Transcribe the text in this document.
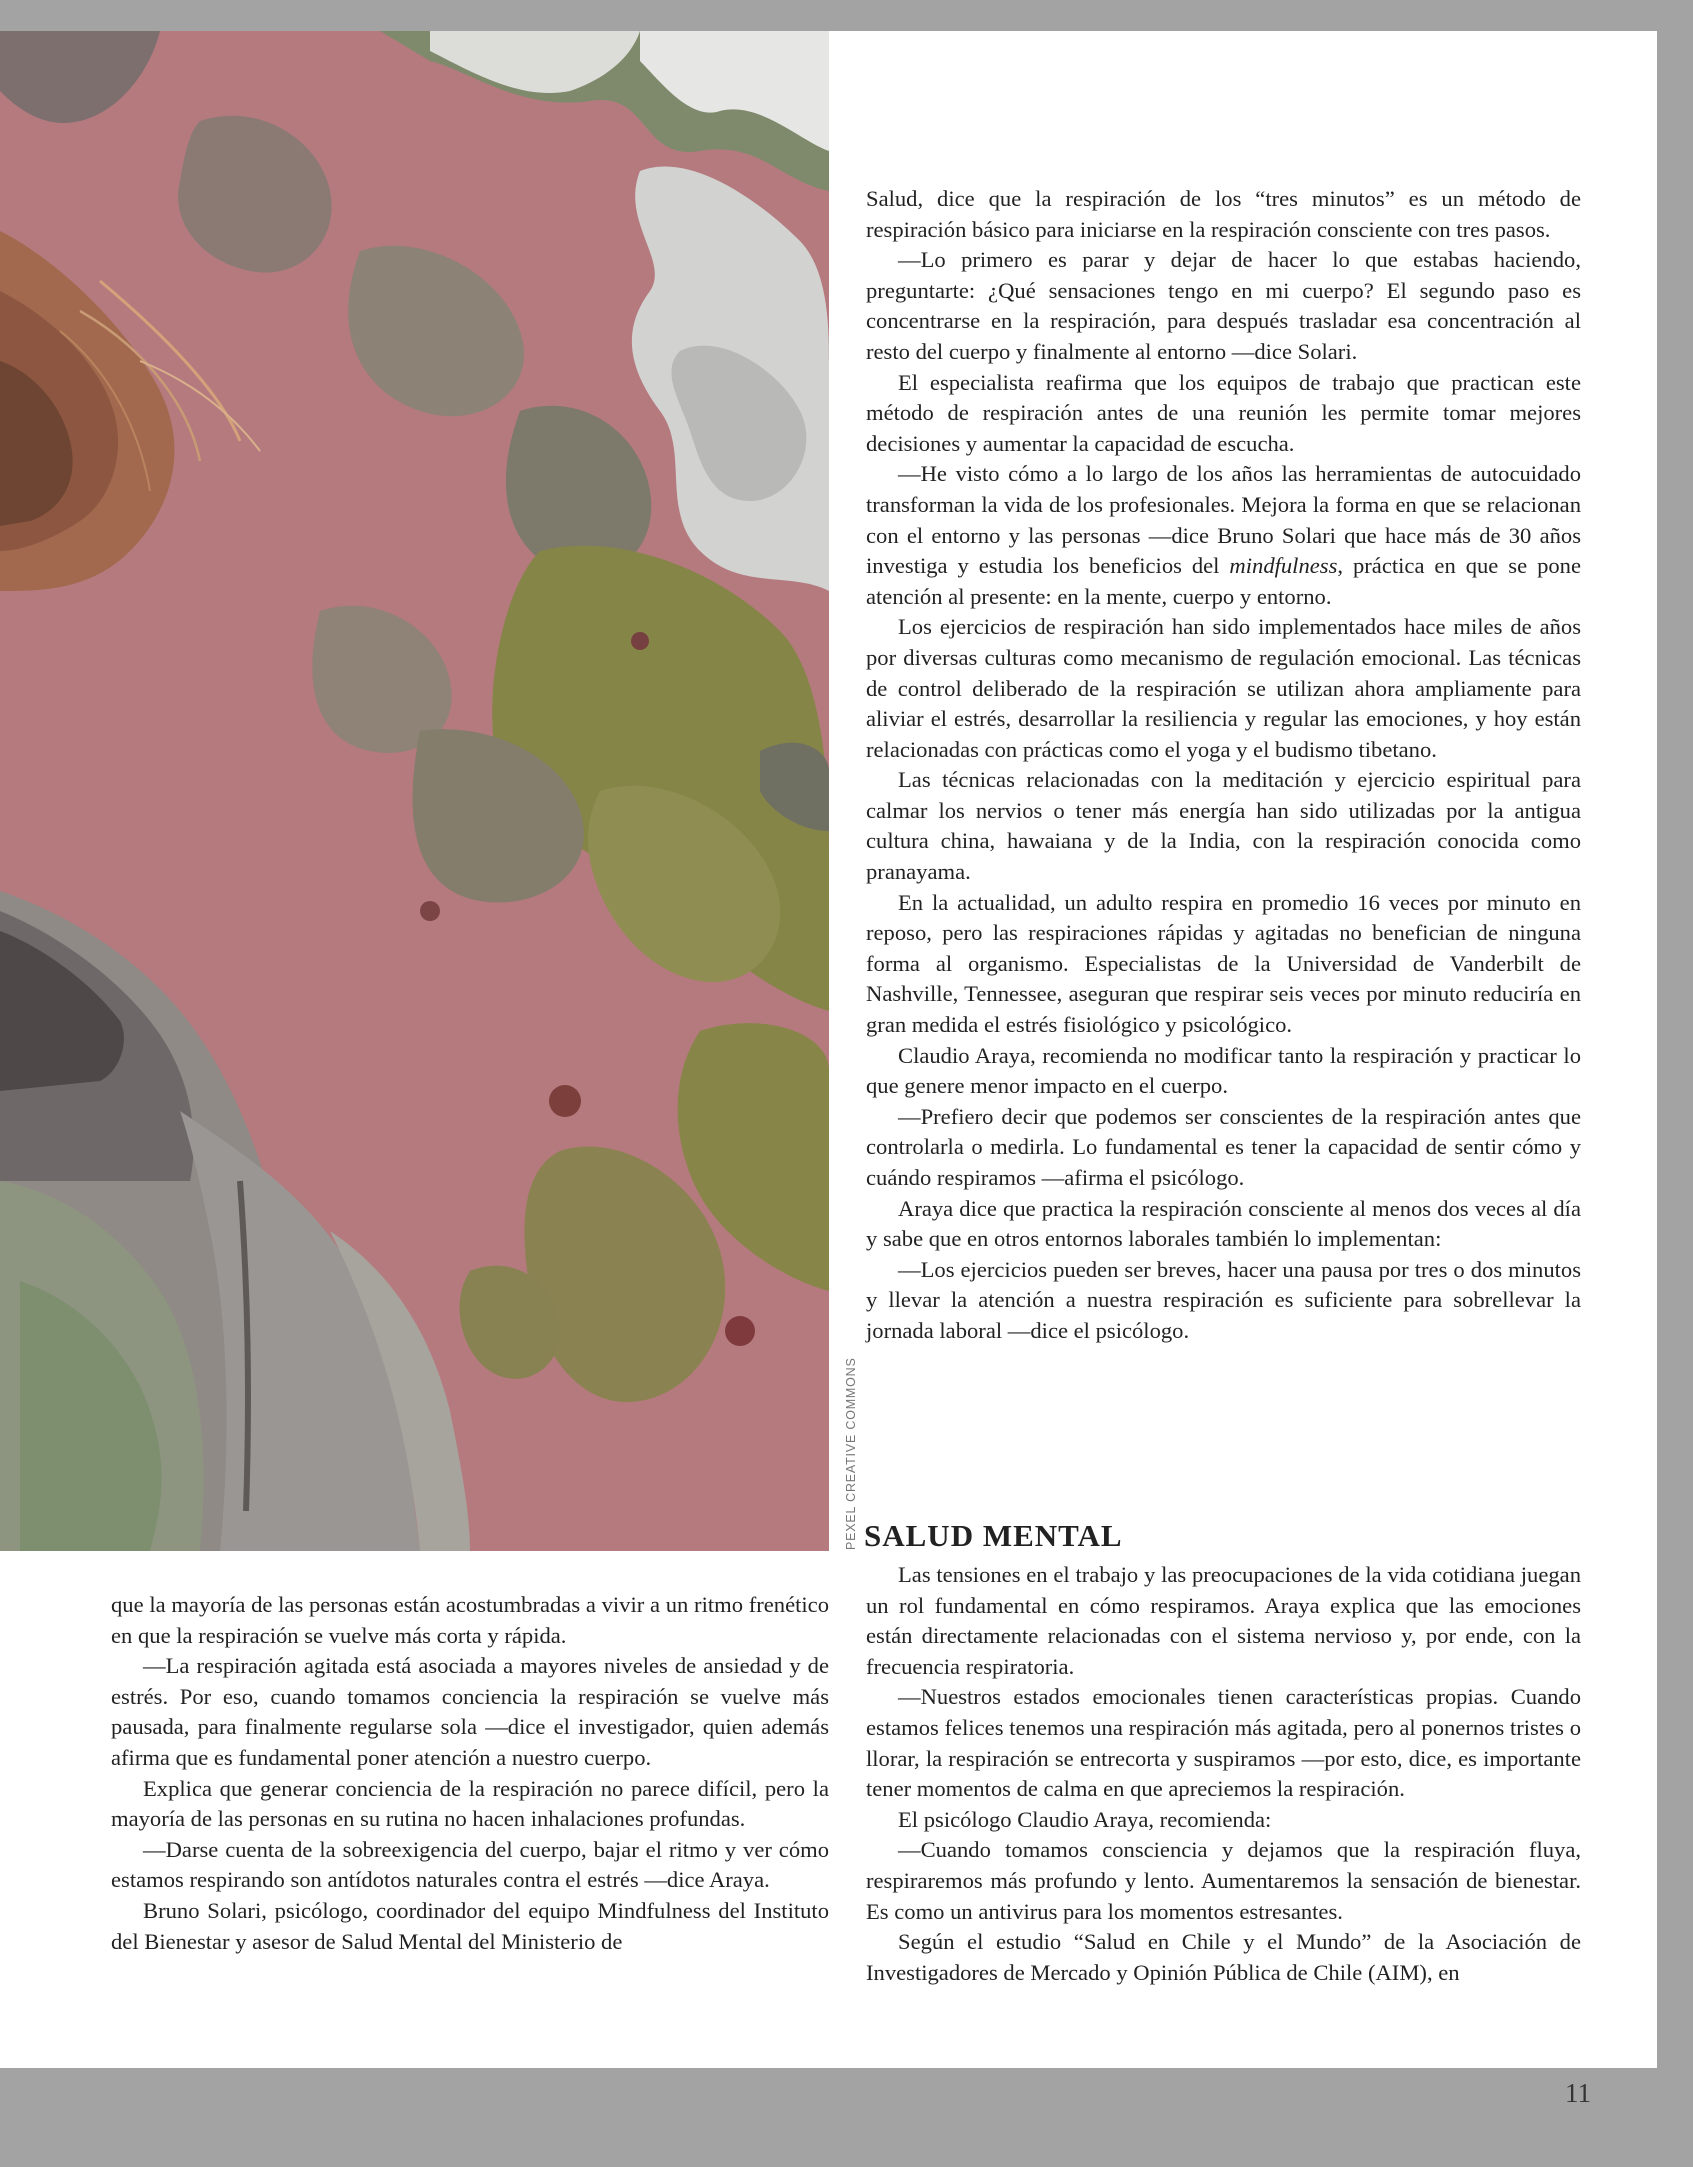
PEXEL CREATIVE COMMONS

que la mayoría de las personas están acostumbradas a vivir a un ritmo frenético en que la respiración se vuelve más corta y rápida.

—La respiración agitada está asociada a mayores niveles de ansiedad y de estrés. Por eso, cuando tomamos conciencia la respiración se vuelve más pausada, para finalmente regularse sola —dice el investigador, quien además afirma que es fundamental poner atención a nuestro cuerpo.

Explica que generar conciencia de la respiración no parece difícil, pero la mayoría de las personas en su rutina no hacen inhalaciones profundas.

—Darse cuenta de la sobreexigencia del cuerpo, bajar el ritmo y ver cómo estamos respirando son antídotos naturales contra el estrés —dice Araya.

Bruno Solari, psicólogo, coordinador del equipo Mindfulness del Instituto del Bienestar y asesor de Salud Mental del Ministerio de

Salud, dice que la respiración de los “tres minutos” es un método de respiración básico para iniciarse en la respiración consciente con tres pasos.

—Lo primero es parar y dejar de hacer lo que estabas haciendo, preguntarte: ¿Qué sensaciones tengo en mi cuerpo? El segundo paso es concentrarse en la respiración, para después trasladar esa concentración al resto del cuerpo y finalmente al entorno —dice Solari.

El especialista reafirma que los equipos de trabajo que practican este método de respiración antes de una reunión les permite tomar mejores decisiones y aumentar la capacidad de escucha.

—He visto cómo a lo largo de los años las herramientas de autocuidado transforman la vida de los profesionales. Mejora la forma en que se relacionan con el entorno y las personas —dice Bruno Solari que hace más de 30 años investiga y estudia los beneficios del mindfulness, práctica en que se pone atención al presente: en la mente, cuerpo y entorno.

Los ejercicios de respiración han sido implementados hace miles de años por diversas culturas como mecanismo de regulación emocional. Las técnicas de control deliberado de la respiración se utilizan ahora ampliamente para aliviar el estrés, desarrollar la resiliencia y regular las emociones, y hoy están relacionadas con prácticas como el yoga y el budismo tibetano.

Las técnicas relacionadas con la meditación y ejercicio espiritual para calmar los nervios o tener más energía han sido utilizadas por la antigua cultura china, hawaiana y de la India, con la respiración conocida como pranayama.

En la actualidad, un adulto respira en promedio 16 veces por minuto en reposo, pero las respiraciones rápidas y agitadas no benefician de ninguna forma al organismo. Especialistas de la Universidad de Vanderbilt de Nashville, Tennessee, aseguran que respirar seis veces por minuto reduciría en gran medida el estrés fisiológico y psicológico.

Claudio Araya, recomienda no modificar tanto la respiración y practicar lo que genere menor impacto en el cuerpo.

—Prefiero decir que podemos ser conscientes de la respiración antes que controlarla o medirla. Lo fundamental es tener la capacidad de sentir cómo y cuándo respiramos —afirma el psicólogo.

Araya dice que practica la respiración consciente al menos dos veces al día y sabe que en otros entornos laborales también lo implementan:

—Los ejercicios pueden ser breves, hacer una pausa por tres o dos minutos y llevar la atención a nuestra respiración es suficiente para sobrellevar la jornada laboral —dice el psicólogo.

SALUD MENTAL

Las tensiones en el trabajo y las preocupaciones de la vida cotidiana juegan un rol fundamental en cómo respiramos. Araya explica que las emociones están directamente relacionadas con el sistema nervioso y, por ende, con la frecuencia respiratoria.

—Nuestros estados emocionales tienen características propias. Cuando estamos felices tenemos una respiración más agitada, pero al ponernos tristes o llorar, la respiración se entrecorta y suspiramos —por esto, dice, es importante tener momentos de calma en que apreciemos la respiración.

El psicólogo Claudio Araya, recomienda:

—Cuando tomamos consciencia y dejamos que la respiración fluya, respiraremos más profundo y lento. Aumentaremos la sensación de bienestar. Es como un antivirus para los momentos estresantes.

Según el estudio “Salud en Chile y el Mundo” de la Asociación de Investigadores de Mercado y Opinión Pública de Chile (AIM), en

11
